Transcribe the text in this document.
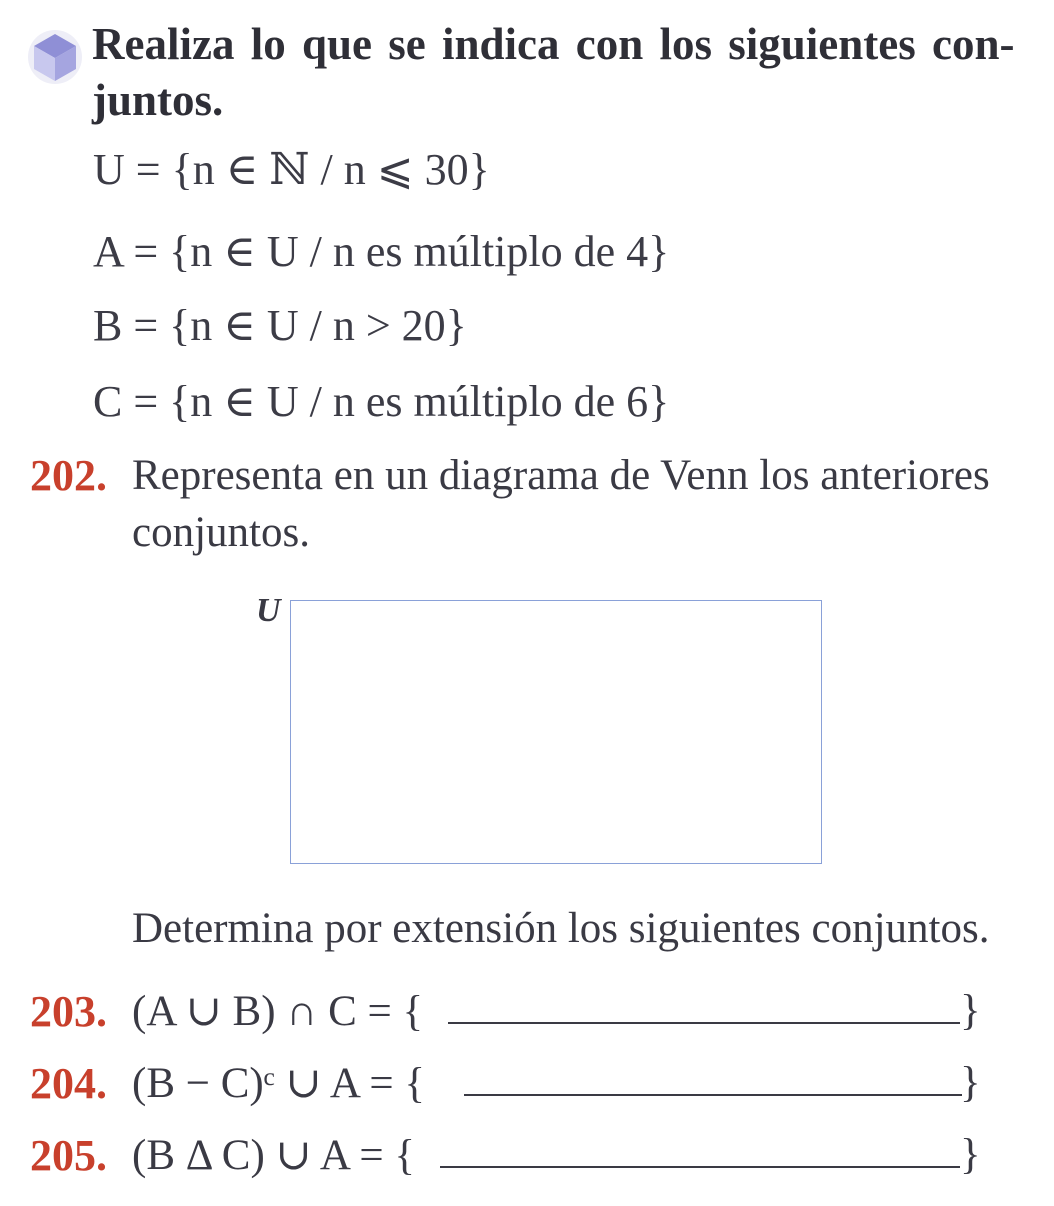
Realiza lo que se indica con los siguientes con-
juntos.
U = {n ∈ ℕ / n ⩽ 30}
A = {n ∈ U / n es múltiplo de 4}
B = {n ∈ U / n > 20}
C = {n ∈ U / n es múltiplo de 6}
202. Representa en un diagrama de Venn los anteriores
conjuntos.
U
Determina por extensión los siguientes conjuntos.
203. (A ∪ B) ∩ C = {	}
204. (B − C)ᶜ ∪ A = {	}
205. (B Δ C) ∪ A = {	}
